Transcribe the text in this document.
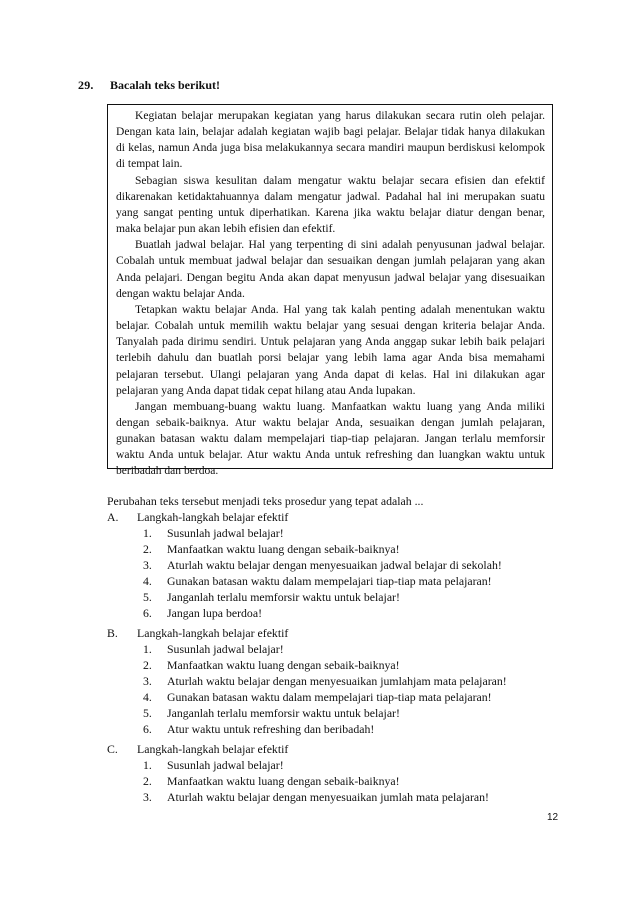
29. Bacalah teks berikut!

Kegiatan belajar merupakan kegiatan yang harus dilakukan secara rutin oleh pelajar. Dengan kata lain, belajar adalah kegiatan wajib bagi pelajar. Belajar tidak hanya dilakukan di kelas, namun Anda juga bisa melakukannya secara mandiri maupun berdiskusi kelompok di tempat lain.

Sebagian siswa kesulitan dalam mengatur waktu belajar secara efisien dan efektif dikarenakan ketidaktahuannya dalam mengatur jadwal. Padahal hal ini merupakan suatu yang sangat penting untuk diperhatikan. Karena jika waktu belajar diatur dengan benar, maka belajar pun akan lebih efisien dan efektif.

Buatlah jadwal belajar. Hal yang terpenting di sini adalah penyusunan jadwal belajar. Cobalah untuk membuat jadwal belajar dan sesuaikan dengan jumlah pelajaran yang akan Anda pelajari. Dengan begitu Anda akan dapat menyusun jadwal belajar yang disesuaikan dengan waktu belajar Anda.

Tetapkan waktu belajar Anda. Hal yang tak kalah penting adalah menentukan waktu belajar. Cobalah untuk memilih waktu belajar yang sesuai dengan kriteria belajar Anda. Tanyalah pada dirimu sendiri. Untuk pelajaran yang Anda anggap sukar lebih baik pelajari terlebih dahulu dan buatlah porsi belajar yang lebih lama agar Anda bisa memahami pelajaran tersebut. Ulangi pelajaran yang Anda dapat di kelas. Hal ini dilakukan agar pelajaran yang Anda dapat tidak cepat hilang atau Anda lupakan.

Jangan membuang-buang waktu luang. Manfaatkan waktu luang yang Anda miliki dengan sebaik-baiknya. Atur waktu belajar Anda, sesuaikan dengan jumlah pelajaran, gunakan batasan waktu dalam mempelajari tiap-tiap pelajaran. Jangan terlalu memforsir waktu Anda untuk belajar. Atur waktu Anda untuk refreshing dan luangkan waktu untuk beribadah dan berdoa.

Perubahan teks tersebut menjadi teks prosedur yang tepat adalah ...
A. Langkah-langkah belajar efektif
1. Susunlah jadwal belajar!
2. Manfaatkan waktu luang dengan sebaik-baiknya!
3. Aturlah waktu belajar dengan menyesuaikan jadwal belajar di sekolah!
4. Gunakan batasan waktu dalam mempelajari tiap-tiap mata pelajaran!
5. Janganlah terlalu memforsir waktu untuk belajar!
6. Jangan lupa berdoa!
B. Langkah-langkah belajar efektif
1. Susunlah jadwal belajar!
2. Manfaatkan waktu luang dengan sebaik-baiknya!
3. Aturlah waktu belajar dengan menyesuaikan jumlahjam mata pelajaran!
4. Gunakan batasan waktu dalam mempelajari tiap-tiap mata pelajaran!
5. Janganlah terlalu memforsir waktu untuk belajar!
6. Atur waktu untuk refreshing dan beribadah!
C. Langkah-langkah belajar efektif
1. Susunlah jadwal belajar!
2. Manfaatkan waktu luang dengan sebaik-baiknya!
3. Aturlah waktu belajar dengan menyesuaikan jumlah mata pelajaran!
12
